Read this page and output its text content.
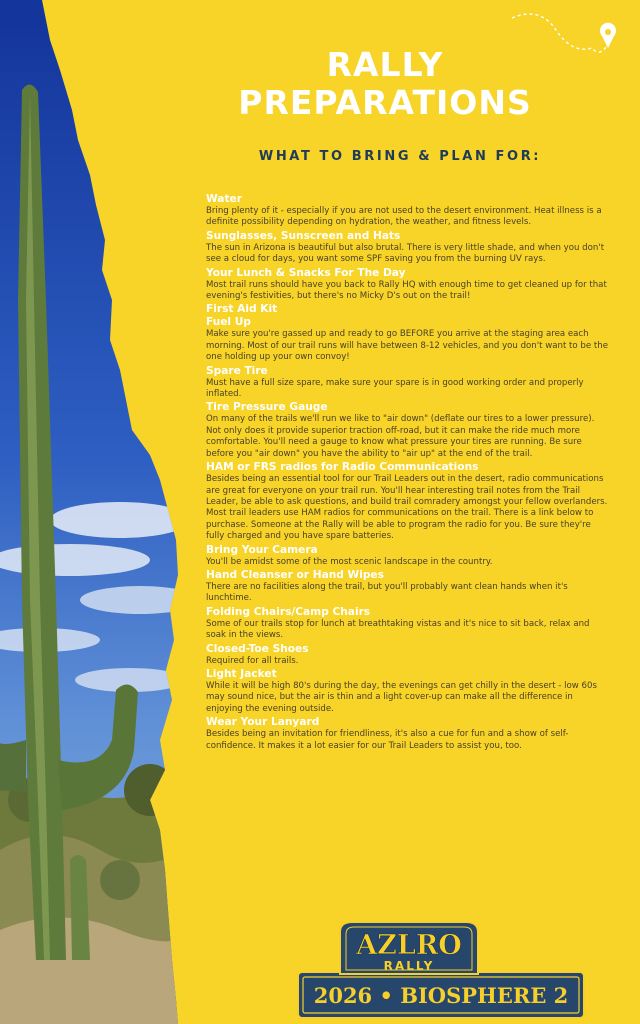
RALLY
PREPARATIONS
WHAT TO BRING & PLAN FOR:

Water

Bring plenty of it - especially if you are not used to the desert environment. Heat illness is a definite possibility depending on hydration, the weather, and fitness levels.

Sunglasses, Sunscreen and Hats

The sun in Arizona is beautiful but also brutal. There is very little shade, and when you don't see a cloud for days, you want some SPF saving you from the burning UV rays.

Your Lunch & Snacks For The Day

Most trail runs should have you back to Rally HQ with enough time to get cleaned up for that evening's festivities, but there's no Micky D's out on the trail!

First Aid Kit

Fuel Up

Make sure you're gassed up and ready to go BEFORE you arrive at the staging area each morning. Most of our trail runs will have between 8-12 vehicles, and you don't want to be the one holding up your own convoy!

Spare Tire

Must have a full size spare, make sure your spare is in good working order and properly inflated.

Tire Pressure Gauge

On many of the trails we'll run we like to "air down" (deflate our tires to a lower pressure). Not only does it provide superior traction off-road, but it can make the ride much more comfortable. You'll need a gauge to know what pressure your tires are running. Be sure before you "air down" you have the ability to "air up" at the end of the trail.

HAM or FRS radios for Radio Communications

Besides being an essential tool for our Trail Leaders out in the desert, radio communications are great for everyone on your trail run. You'll hear interesting trail notes from the Trail Leader, be able to ask questions, and build trail comradery amongst your fellow overlanders. Most trail leaders use HAM radios for communications on the trail. There is a link below to purchase. Someone at the Rally will be able to program the radio for you. Be sure they're fully charged and you have spare batteries.

Bring Your Camera

You'll be amidst some of the most scenic landscape in the country.

Hand Cleanser or Hand Wipes

There are no facilities along the trail, but you'll probably want clean hands when it's lunchtime.

Folding Chairs/Camp Chairs

Some of our trails stop for lunch at breathtaking vistas and it's nice to sit back, relax and soak in the views.

Closed-Toe Shoes

Required for all trails.

Light Jacket

While it will be high 80's during the day, the evenings can get chilly in the desert - low 60s may sound nice, but the air is thin and a light cover-up can make all the difference in enjoying the evening outside.

Wear Your Lanyard

Besides being an invitation for friendliness, it's also a cue for fun and a show of self-confidence. It makes it a lot easier for our Trail Leaders to assist you, too.

AZLRO
RALLY
2026 • BIOSPHERE 2
